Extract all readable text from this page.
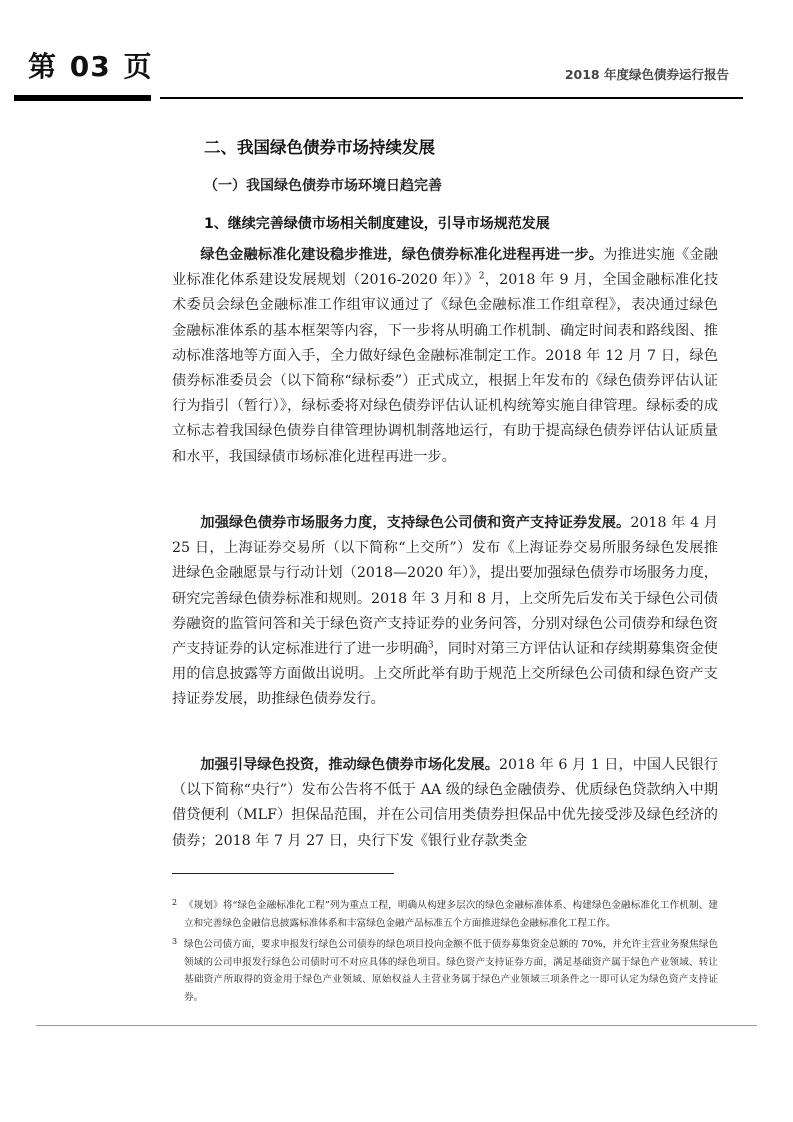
第 03 页	2018 年度绿色债券运行报告
二、我国绿色债券市场持续发展
（一）我国绿色债券市场环境日趋完善
1、继续完善绿债市场相关制度建设，引导市场规范发展

绿色金融标准化建设稳步推进，绿色债券标准化进程再进一步。为推进实施《金融业标准化体系建设发展规划（2016-2020 年）》$^2$，2018 年 9 月，全国金融标准化技术委员会绿色金融标准工作组审议通过了《绿色金融标准工作组章程》，表决通过绿色金融标准体系的基本框架等内容，下一步将从明确工作机制、确定时间表和路线图、推动标准落地等方面入手，全力做好绿色金融标准制定工作。2018 年 12 月 7 日，绿色债券标准委员会（以下简称“绿标委”）正式成立，根据上年发布的《绿色债券评估认证行为指引（暂行）》，绿标委将对绿色债券评估认证机构统筹实施自律管理。绿标委的成立标志着我国绿色债券自律管理协调机制落地运行，有助于提高绿色债券评估认证质量和水平，我国绿债市场标准化进程再进一步。

加强绿色债券市场服务力度，支持绿色公司债和资产支持证券发展。2018 年 4 月 25 日，上海证券交易所（以下简称“上交所”）发布《上海证券交易所服务绿色发展推进绿色金融愿景与行动计划（2018—2020 年）》，提出要加强绿色债券市场服务力度，研究完善绿色债券标准和规则。2018 年 3 月和 8 月，上交所先后发布关于绿色公司债券融资的监管问答和关于绿色资产支持证券的业务问答，分别对绿色公司债券和绿色资产支持证券的认定标准进行了进一步明确$^3$，同时对第三方评估认证和存续期募集资金使用的信息披露等方面做出说明。上交所此举有助于规范上交所绿色公司债和绿色资产支持证券发展，助推绿色债券发行。

加强引导绿色投资，推动绿色债券市场化发展。2018 年 6 月 1 日，中国人民银行（以下简称“央行”）发布公告将不低于 AA 级的绿色金融债券、优质绿色贷款纳入中期借贷便利（MLF）担保品范围，并在公司信用类债券担保品中优先接受涉及绿色经济的债券；2018 年 7 月 27 日，央行下发《银行业存款类金

2 《规划》将“绿色金融标准化工程”列为重点工程，明确从构建多层次的绿色金融标准体系、构建绿色金融标准化工作机制、建立和完善绿色金融信息披露标准体系和丰富绿色金融产品标准五个方面推进绿色金融标准化工程工作。
3 绿色公司债方面，要求申报发行绿色公司债券的绿色项目投向金额不低于债券募集资金总额的 70%，并允许主营业务聚焦绿色领域的公司申报发行绿色公司债时可不对应具体的绿色项目。绿色资产支持证券方面，满足基础资产属于绿色产业领域、转让基础资产所取得的资金用于绿色产业领域、原始权益人主营业务属于绿色产业领域三项条件之一即可认定为绿色资产支持证券。
